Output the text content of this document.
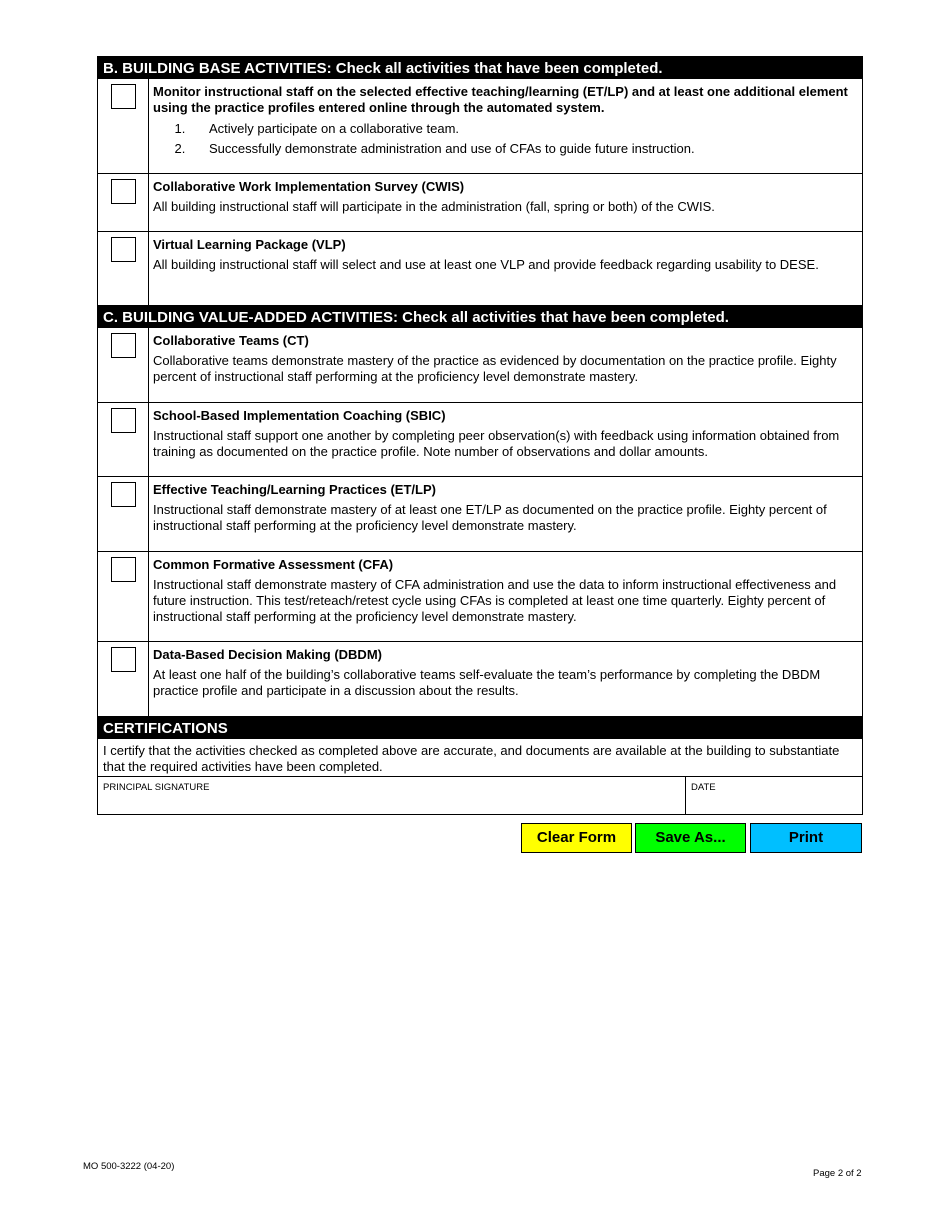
B. BUILDING BASE ACTIVITIES: Check all activities that have been completed.
Monitor instructional staff on the selected effective teaching/learning (ET/LP) and at least one additional element using the practice profiles entered online through the automated system.
1. Actively participate on a collaborative team.
2. Successfully demonstrate administration and use of CFAs to guide future instruction.
Collaborative Work Implementation Survey (CWIS)
All building instructional staff will participate in the administration (fall, spring or both) of the CWIS.
Virtual Learning Package (VLP)
All building instructional staff will select and use at least one VLP and provide feedback regarding usability to DESE.
C. BUILDING VALUE-ADDED ACTIVITIES: Check all activities that have been completed.
Collaborative Teams (CT)
Collaborative teams demonstrate mastery of the practice as evidenced by documentation on the practice profile. Eighty percent of instructional staff performing at the proficiency level demonstrate mastery.
School-Based Implementation Coaching (SBIC)
Instructional staff support one another by completing peer observation(s) with feedback using information obtained from training as documented on the practice profile. Note number of observations and dollar amounts.
Effective Teaching/Learning Practices (ET/LP)
Instructional staff demonstrate mastery of at least one ET/LP as documented on the practice profile. Eighty percent of instructional staff performing at the proficiency level demonstrate mastery.
Common Formative Assessment (CFA)
Instructional staff demonstrate mastery of CFA administration and use the data to inform instructional effectiveness and future instruction. This test/reteach/retest cycle using CFAs is completed at least one time quarterly. Eighty percent of instructional staff performing at the proficiency level demonstrate mastery.
Data-Based Decision Making (DBDM)
At least one half of the building’s collaborative teams self-evaluate the team’s performance by completing the DBDM practice profile and participate in a discussion about the results.
CERTIFICATIONS
I certify that the activities checked as completed above are accurate, and documents are available at the building to substantiate that the required activities have been completed.
PRINCIPAL SIGNATURE	DATE
Clear Form	Save As...	Print
MO 500-3222 (04-20)
Page 2 of 2
